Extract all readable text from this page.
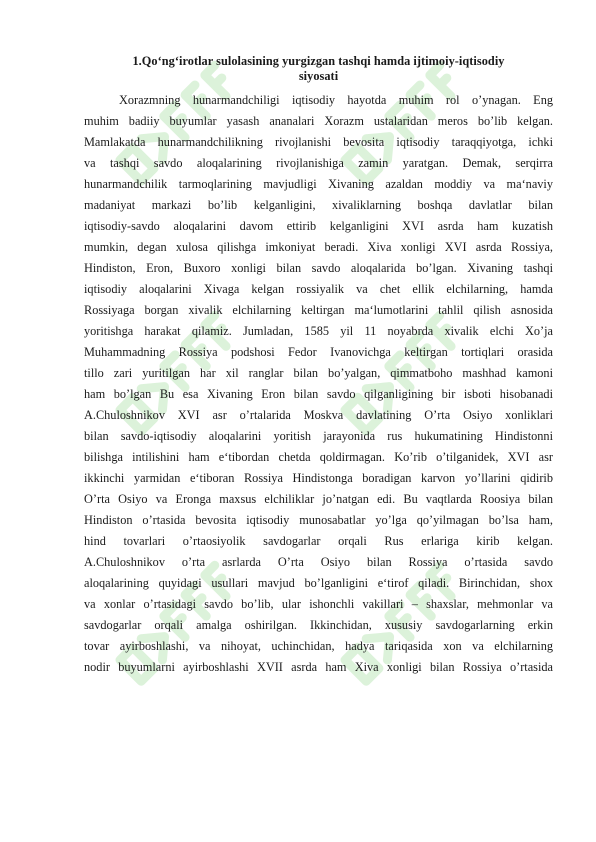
1.Qo‘ng‘irotlar sulolasining yurgizgan tashqi hamda ijtimoiy-iqtisodiy
siyosati
Xorazmning hunarmandchiligi iqtisodiy hayotda muhim rol o’ynagan. Eng
muhim badiiy buyumlar yasash ananalari Xorazm ustalaridan meros bo’lib kelgan.
Mamlakatda hunarmandchilikning rivojlanishi bevosita iqtisodiy taraqqiyotga, ichki
va tashqi savdo aloqalarining rivojlanishiga zamin yaratgan. Demak, serqirra
hunarmandchilik tarmoqlarining mavjudligi Xivaning azaldan moddiy va ma‘naviy
madaniyat markazi bo’lib kelganligini, xivaliklarning boshqa davlatlar bilan
iqtisodiy-savdo aloqalarini davom ettirib kelganligini XVI asrda ham kuzatish
mumkin, degan xulosa qilishga imkoniyat beradi. Xiva xonligi XVI asrda Rossiya,
Hindiston, Eron, Buxoro xonligi bilan savdo aloqalarida bo’lgan. Xivaning tashqi
iqtisodiy aloqalarini Xivaga kelgan rossiyalik va chet ellik elchilarning, hamda
Rossiyaga borgan xivalik elchilarning keltirgan ma‘lumotlarini tahlil qilish asnosida
yoritishga harakat qilamiz. Jumladan, 1585 yil 11 noyabrda xivalik elchi Xo’ja
Muhammadning Rossiya podshosi Fedor Ivanovichga keltirgan tortiqlari orasida
tillo zari yuritilgan har xil ranglar bilan bo’yalgan, qimmatboho mashhad kamoni
ham bo’lgan Bu esa Xivaning Eron bilan savdo qilganligining bir isboti hisobanadi
A.Chuloshnikov XVI asr o’rtalarida Moskva davlatining O’rta Osiyo xonliklari
bilan savdo-iqtisodiy aloqalarini yoritish jarayonida rus hukumatining Hindistonni
bilishga intilishini ham e‘tibordan chetda qoldirmagan. Ko’rib o’tilganidek, XVI asr
ikkinchi yarmidan e‘tiboran Rossiya Hindistonga boradigan karvon yo’llarini qidirib
O’rta Osiyo va Eronga maxsus elchiliklar jo’natgan edi. Bu vaqtlarda Roosiya bilan
Hindiston o’rtasida bevosita iqtisodiy munosabatlar yo’lga qo’yilmagan bo’lsa ham,
hind tovarlari o’rtaosiyolik savdogarlar orqali Rus erlariga kirib kelgan.
A.Chuloshnikov o’rta asrlarda O’rta Osiyo bilan Rossiya o’rtasida savdo
aloqalarining quyidagi usullari mavjud bo’lganligini e‘tirof qiladi. Birinchidan, shox
va xonlar o’rtasidagi savdo bo’lib, ular ishonchli vakillari – shaxslar, mehmonlar va
savdogarlar orqali amalga oshirilgan. Ikkinchidan, xususiy savdogarlarning erkin
tovar ayirboshlashi, va nihoyat, uchinchidan, hadya tariqasida xon va elchilarning
nodir buyumlarni ayirboshlashi XVII asrda ham Xiva xonligi bilan Rossiya o’rtasida
